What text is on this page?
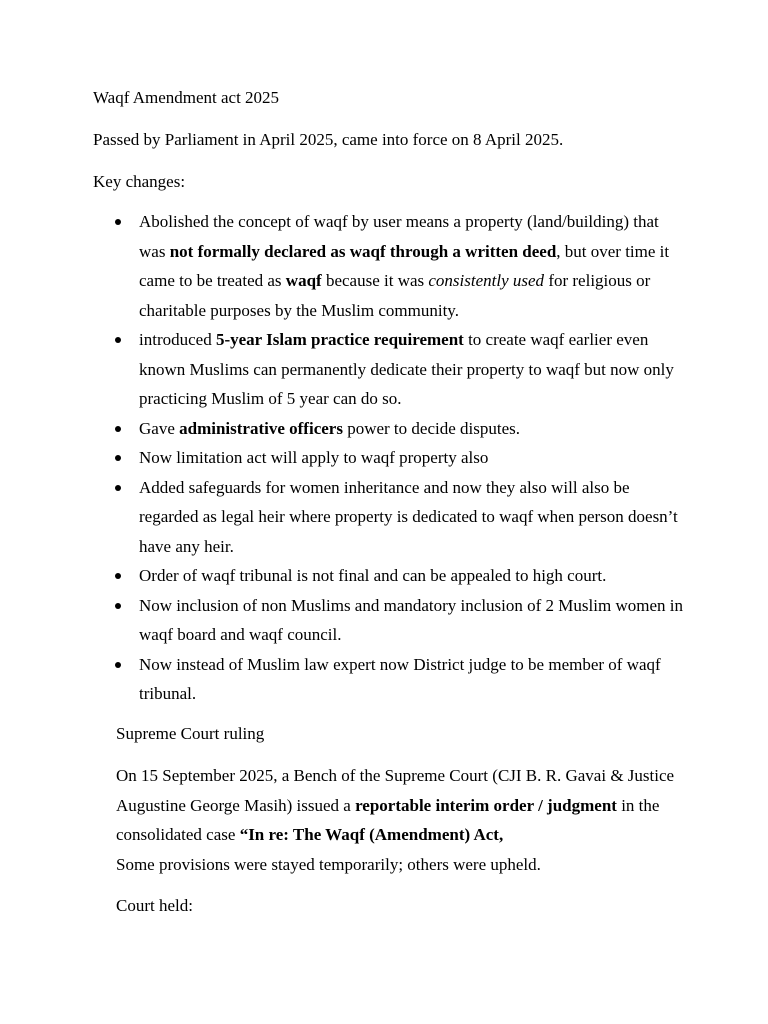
Waqf Amendment act 2025

Passed by Parliament in April 2025, came into force on 8 April 2025.

Key changes:

Abolished the concept of waqf by user means a property (land/building) that was not formally declared as waqf through a written deed, but over time it came to be treated as waqf because it was consistently used for religious or charitable purposes by the Muslim community.
introduced 5-year Islam practice requirement to create waqf earlier even known Muslims can permanently dedicate their property to waqf but now only practicing Muslim of 5 year can do so.
Gave administrative officers power to decide disputes.
Now limitation act will apply to waqf property also
Added safeguards for women inheritance and now they also will also be regarded as legal heir where property is dedicated to waqf when person doesn’t have any heir.
Order of waqf tribunal is not final and can be appealed to high court.
Now inclusion of non Muslims and mandatory inclusion of 2 Muslim women in waqf board and waqf council.
Now instead of Muslim law expert now District judge to be member of waqf tribunal.

Supreme Court ruling

On 15 September 2025, a Bench of the Supreme Court (CJI B. R. Gavai & Justice Augustine George Masih) issued a reportable interim order / judgment in the consolidated case “In re: The Waqf (Amendment) Act,
Some provisions were stayed temporarily; others were upheld.

Court held:
